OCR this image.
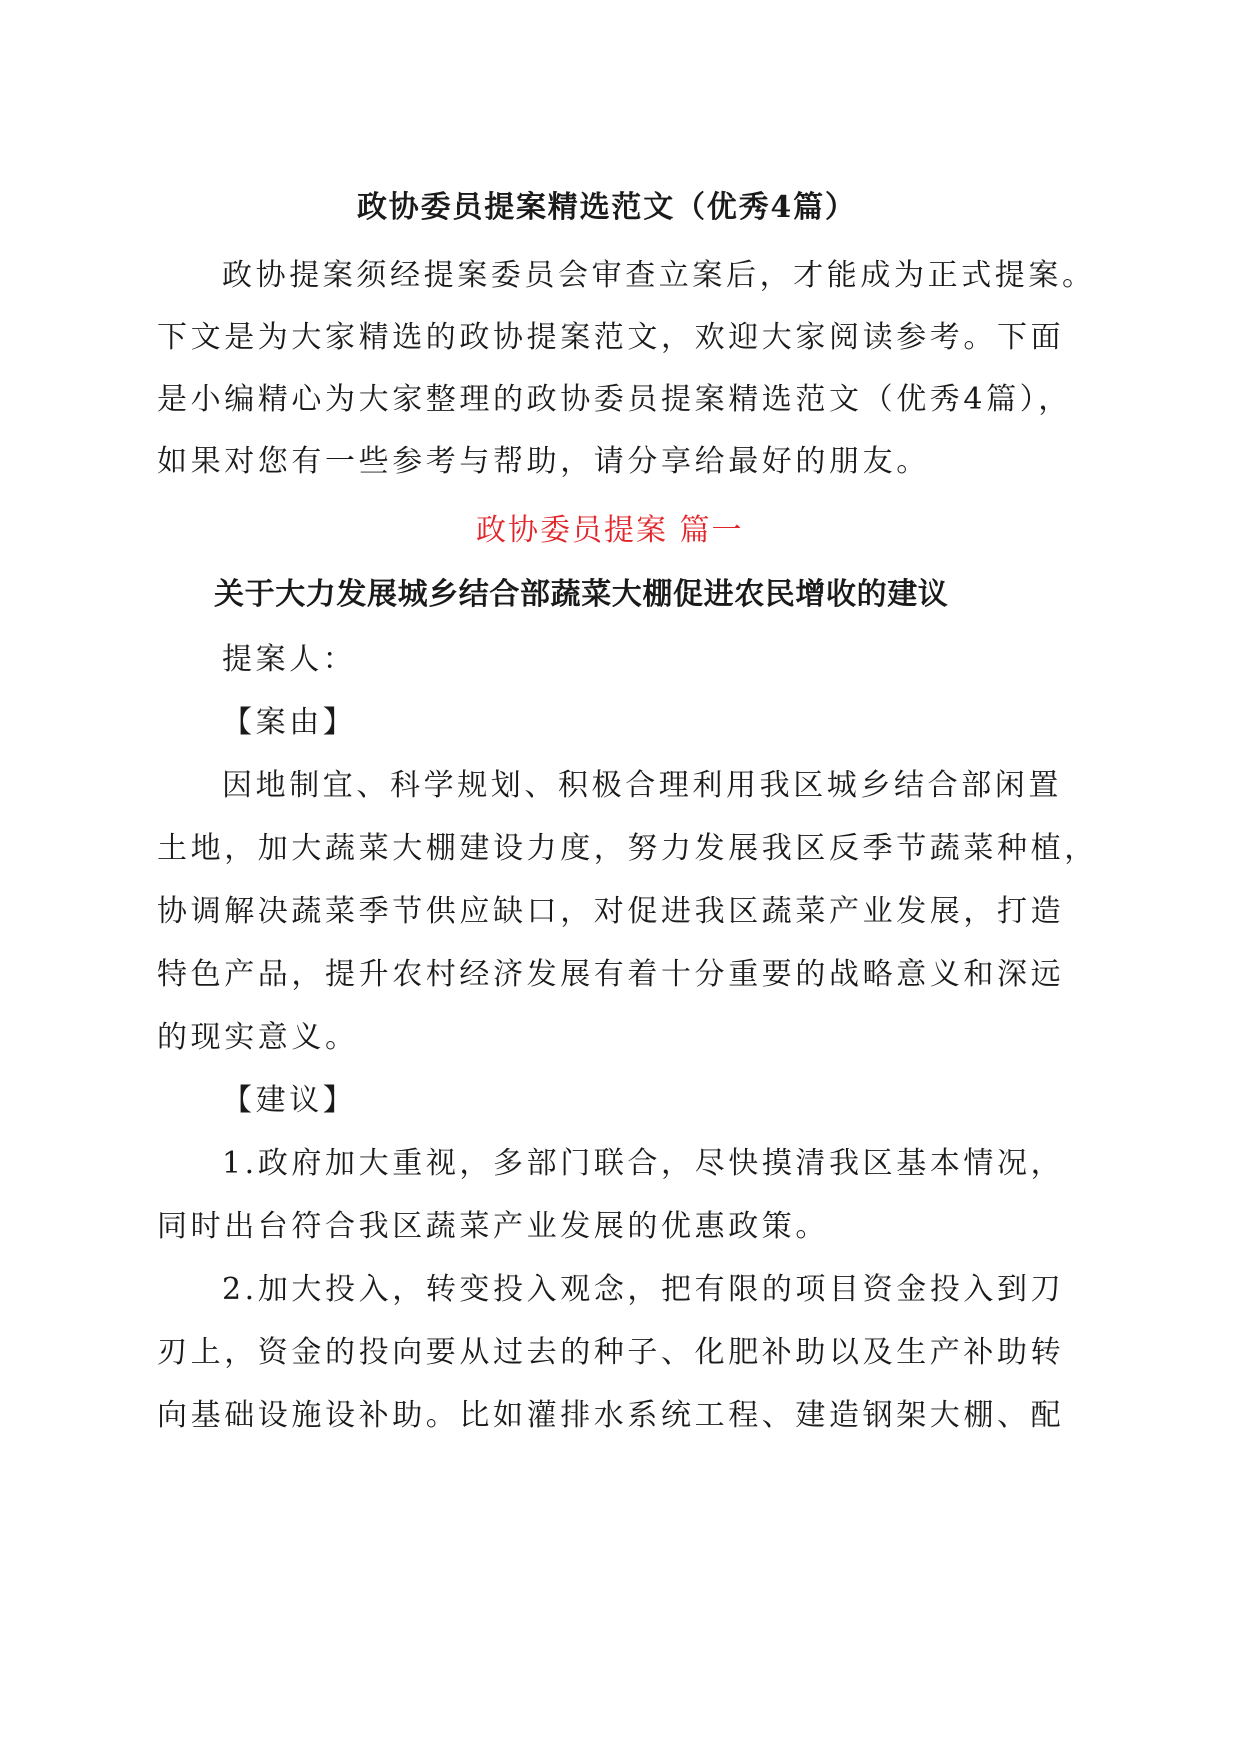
政协委员提案精选范文（优秀4篇）
政协提案须经提案委员会审查立案后，才能成为正式提案。
下文是为大家精选的政协提案范文，欢迎大家阅读参考。下面
是小编精心为大家整理的政协委员提案精选范文（优秀4篇），
如果对您有一些参考与帮助，请分享给最好的朋友。
政协委员提案 篇一
关于大力发展城乡结合部蔬菜大棚促进农民增收的建议
提案人：
【案由】
因地制宜、科学规划、积极合理利用我区城乡结合部闲置
土地，加大蔬菜大棚建设力度，努力发展我区反季节蔬菜种植，
协调解决蔬菜季节供应缺口，对促进我区蔬菜产业发展，打造
特色产品，提升农村经济发展有着十分重要的战略意义和深远
的现实意义。
【建议】
1.政府加大重视，多部门联合，尽快摸清我区基本情况，
同时出台符合我区蔬菜产业发展的优惠政策。
2.加大投入，转变投入观念，把有限的项目资金投入到刀
刃上，资金的投向要从过去的种子、化肥补助以及生产补助转
向基础设施设补助。比如灌排水系统工程、建造钢架大棚、配
